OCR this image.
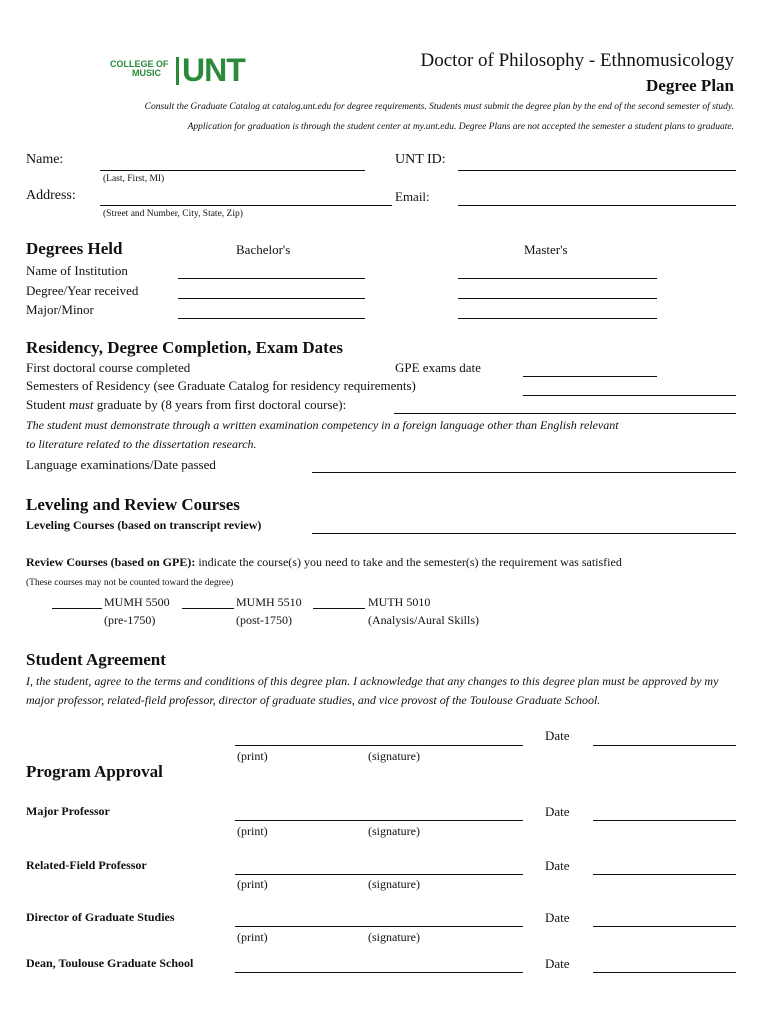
COLLEGE OF
MUSIC UNT	Doctor of Philosophy - Ethnomusicology
Degree Plan
Consult the Graduate Catalog at catalog.unt.edu for degree requirements. Students must submit the degree plan by the end of the second semester of study.
Application for graduation is through the student center at my.unt.edu. Degree Plans are not accepted the semester a student plans to graduate.
Name:
(Last, First, MI)
UNT ID:
Address:
(Street and Number, City, State, Zip)
Email:
Degrees Held	Bachelor's	Master's
Name of Institution
Degree/Year received
Major/Minor
Residency, Degree Completion, Exam Dates
First doctoral course completed	GPE exams date
Semesters of Residency (see Graduate Catalog for residency requirements)
Student must graduate by (8 years from first doctoral course):
The student must demonstrate through a written examination competency in a foreign language other than English relevant
to literature related to the dissertation research.
Language examinations/Date passed
Leveling and Review Courses
Leveling Courses (based on transcript review)
Review Courses (based on GPE): indicate the course(s) you need to take and the semester(s) the requirement was satisfied
(These courses may not be counted toward the degree)
MUMH 5500
(pre-1750)
MUMH 5510
(post-1750)
MUTH 5010
(Analysis/Aural Skills)
Student Agreement
I, the student, agree to the terms and conditions of this degree plan. I acknowledge that any changes to this degree plan must be approved by my
major professor, related-field professor, director of graduate studies, and vice provost of the Toulouse Graduate School.
Date
(print)	(signature)
Program Approval
Major Professor	Date
(print)	(signature)
Related-Field Professor	Date
(print)	(signature)
Director of Graduate Studies	Date
(print)	(signature)
Dean, Toulouse Graduate School	Date
